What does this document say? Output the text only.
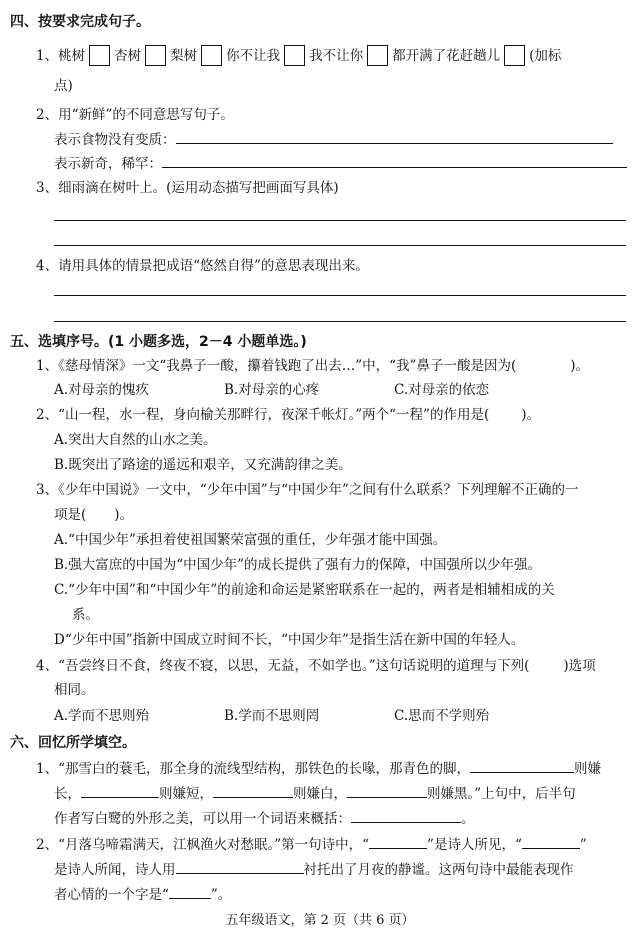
四、按要求完成句子。
1、桃树 杏树 梨树 你不让我 我不让你 都开满了花赶趟儿 (加标
点)
2、用“新鲜”的不同意思写句子。
表示食物没有变质：
表示新奇，稀罕：
3、细雨滴在树叶上。(运用动态描写把画面写具体)
4、请用具体的情景把成语“悠然自得”的意思表现出来。
五、选填序号。(1 小题多选，2－4 小题单选。)
1、《慈母情深》一文“我鼻子一酸，攥着钱跑了出去…”中，“我”鼻子一酸是因为(	)。
A.对母亲的愧疚	B.对母亲的心疼	C.对母亲的依恋
2、“山一程，水一程，身向榆关那畔行，夜深千帐灯。”两个“一程”的作用是( )。
A.突出大自然的山水之美。
B.既突出了路途的遥远和艰辛，又充满韵律之美。
3、《少年中国说》一文中，“少年中国”与“中国少年”之间有什么联系？下列理解不正确的一
项是( )。
A.“中国少年”承担着使祖国繁荣富强的重任，少年强才能中国强。
B.强大富庶的中国为“中国少年”的成长提供了强有力的保障，中国强所以少年强。
C.“少年中国”和“中国少年”的前途和命运是紧密联系在一起的，两者是相辅相成的关
系。
D“少年中国”指新中国成立时间不长，“中国少年”是指生活在新中国的年轻人。
4、“吾尝终日不食，终夜不寝，以思，无益，不如学也。”这句话说明的道理与下列(	)选项
相同。
A.学而不思则殆	B.学而不思则罔	C.思而不学则殆
六、回忆所学填空。
1、“那雪白的蓑毛，那全身的流线型结构，那铁色的长喙，那青色的脚，	则嫌
长，	则嫌短，	则嫌白，	则嫌黑。”上句中，后半句
作者写白鹭的外形之美，可以用一个词语来概括：	。
2、“月落乌啼霜满天，江枫渔火对愁眠。”第一句诗中，“	”是诗人所见，“	”
是诗人所闻，诗人用	衬托出了月夜的静谧。这两句诗中最能表现作
者心情的一个字是“	”。
五年级语文，第 2 页（共 6 页）
